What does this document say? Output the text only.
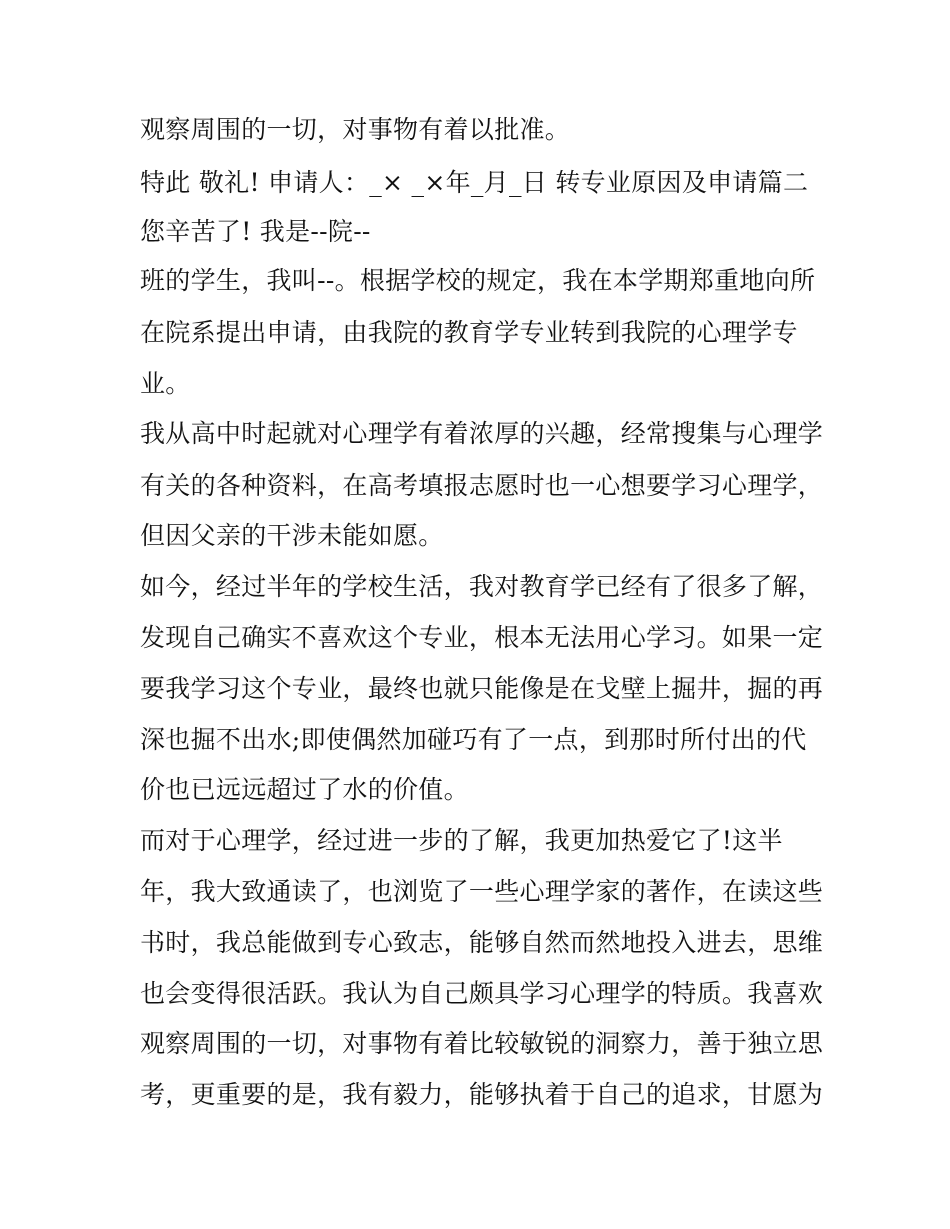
观察周围的一切，对事物有着以批准。
特此 敬礼! 申请人：_× _×年_月_日 转专业原因及申请篇二
您辛苦了! 我是--院--
班的学生，我叫--。根据学校的规定，我在本学期郑重地向所
在院系提出申请，由我院的教育学专业转到我院的心理学专
业。
我从高中时起就对心理学有着浓厚的兴趣，经常搜集与心理学
有关的各种资料，在高考填报志愿时也一心想要学习心理学，
但因父亲的干涉未能如愿。
如今，经过半年的学校生活，我对教育学已经有了很多了解，
发现自己确实不喜欢这个专业，根本无法用心学习。如果一定
要我学习这个专业，最终也就只能像是在戈壁上掘井，掘的再
深也掘不出水;即使偶然加碰巧有了一点，到那时所付出的代
价也已远远超过了水的价值。
而对于心理学，经过进一步的了解，我更加热爱它了!这半
年，我大致通读了，也浏览了一些心理学家的著作，在读这些
书时，我总能做到专心致志，能够自然而然地投入进去，思维
也会变得很活跃。我认为自己颇具学习心理学的特质。我喜欢
观察周围的一切，对事物有着比较敏锐的洞察力，善于独立思
考，更重要的是，我有毅力，能够执着于自己的追求，甘愿为
